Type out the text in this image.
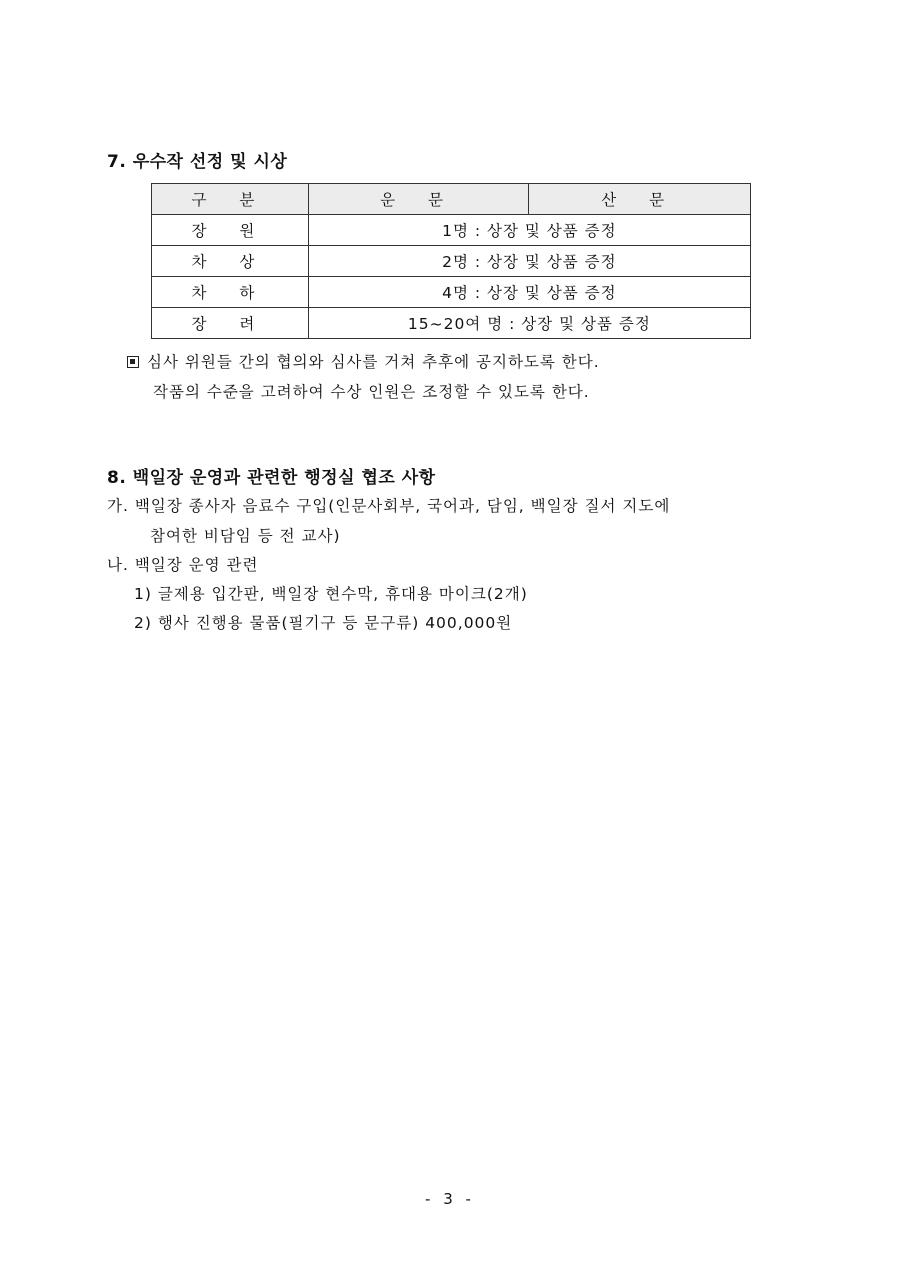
7. 우수작 선정 및 시상
구 분	운 문	산 문
장 원	1명 : 상장 및 상품 증정	
차 상	2명 : 상장 및 상품 증정	
차 하	4명 : 상장 및 상품 증정	
장 려	15~20여 명 : 상장 및 상품 증정	
심사 위원들 간의 협의와 심사를 거쳐 추후에 공지하도록 한다.
작품의 수준을 고려하여 수상 인원은 조정할 수 있도록 한다.
8. 백일장 운영과 관련한 행정실 협조 사항
가. 백일장 종사자 음료수 구입(인문사회부, 국어과, 담임, 백일장 질서 지도에
참여한 비담임 등 전 교사)
나. 백일장 운영 관련
1) 글제용 입간판, 백일장 현수막, 휴대용 마이크(2개)
2) 행사 진행용 물품(필기구 등 문구류) 400,000원
- 3 -
